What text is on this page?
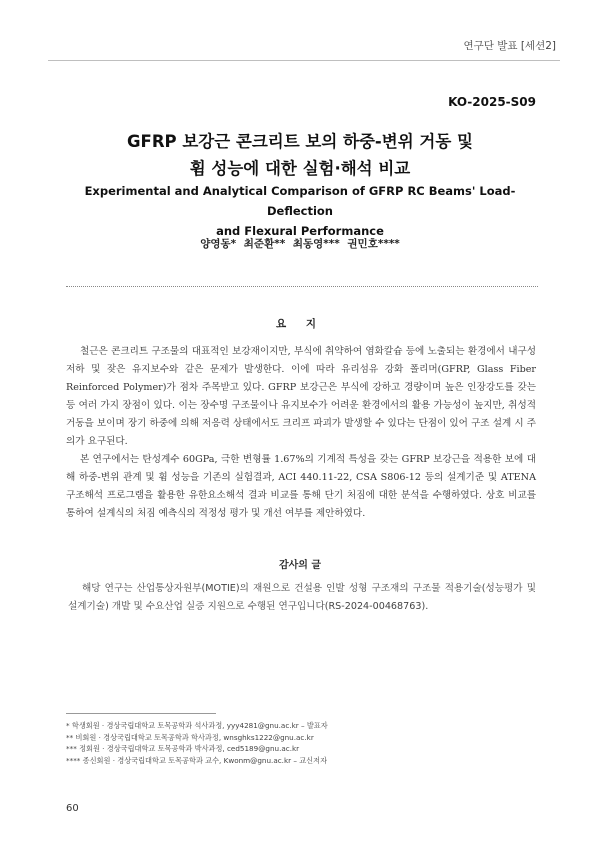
연구단 발표 [세션2]
KO-2025-S09
GFRP 보강근 콘크리트 보의 하중-변위 거동 및
휨 성능에 대한 실험·해석 비교
Experimental and Analytical Comparison of GFRP RC Beams' Load-Deflection
and Flexural Performance
양영동* 최준환** 최동영*** 권민호****
요 지

철근은 콘크리트 구조물의 대표적인 보강재이지만, 부식에 취약하여 염화칼슘 등에 노출되는 환경에서 내구성 저하 및 잦은 유지보수와 같은 문제가 발생한다. 이에 따라 유리섬유 강화 폴리머(GFRP, Glass Fiber Reinforced Polymer)가 점차 주목받고 있다. GFRP 보강근은 부식에 강하고 경량이며 높은 인장강도를 갖는 등 여러 가지 장점이 있다. 이는 장수명 구조물이나 유지보수가 어려운 환경에서의 활용 가능성이 높지만, 취성적 거동을 보이며 장기 하중에 의해 저응력 상태에서도 크리프 파괴가 발생할 수 있다는 단점이 있어 구조 설계 시 주의가 요구된다.

본 연구에서는 탄성계수 60GPa, 극한 변형률 1.67%의 기계적 특성을 갖는 GFRP 보강근을 적용한 보에 대해 하중-변위 관계 및 휨 성능을 기존의 실험결과, ACI 440.11-22, CSA S806-12 등의 설계기준 및 ATENA 구조해석 프로그램을 활용한 유한요소해석 결과 비교를 통해 단기 처짐에 대한 분석을 수행하였다. 상호 비교를 통하여 설계식의 처짐 예측식의 적정성 평가 및 개선 여부를 제안하였다.

감사의 글

해당 연구는 산업통상자원부(MOTIE)의 재원으로 건설용 인발 성형 구조재의 구조물 적용기술(성능평가 및 설계기술) 개발 및 수요산업 실증 지원으로 수행된 연구입니다(RS-2024-00468763).

* 학생회원 · 경상국립대학교 토목공학과 석사과정, yyy4281@gnu.ac.kr – 발표자
** 비회원 · 경상국립대학교 토목공학과 학사과정, wnsghks1222@gnu.ac.kr
*** 정회원 · 경상국립대학교 토목공학과 박사과정, ced5189@gnu.ac.kr
**** 종신회원 · 경상국립대학교 토목공학과 교수, Kwonm@gnu.ac.kr – 교신저자
60
